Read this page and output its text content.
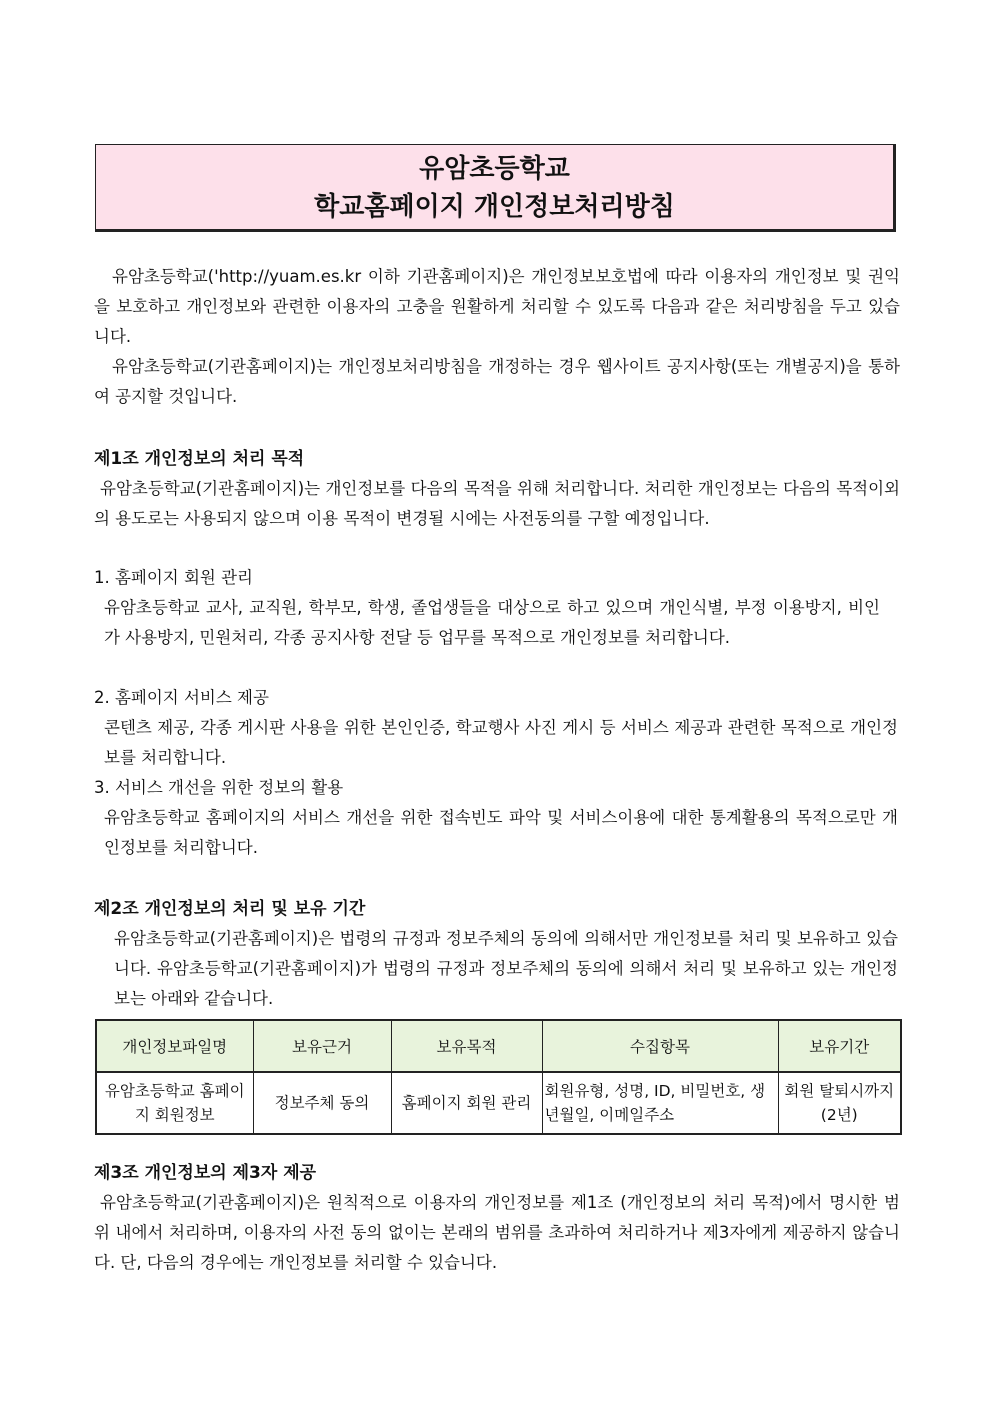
유암초등학교
학교홈페이지 개인정보처리방침

유암초등학교('http://yuam.es.kr 이하 기관홈페이지)은 개인정보보호법에 따라 이용자의 개인정보 및 권익을 보호하고 개인정보와 관련한 이용자의 고충을 원활하게 처리할 수 있도록 다음과 같은 처리방침을 두고 있습니다.

유암초등학교(기관홈페이지)는 개인정보처리방침을 개정하는 경우 웹사이트 공지사항(또는 개별공지)을 통하여 공지할 것입니다.

제1조 개인정보의 처리 목적

유암초등학교(기관홈페이지)는 개인정보를 다음의 목적을 위해 처리합니다. 처리한 개인정보는 다음의 목적이외의 용도로는 사용되지 않으며 이용 목적이 변경될 시에는 사전동의를 구할 예정입니다.

1. 홈페이지 회원 관리

유암초등학교 교사, 교직원, 학부모, 학생, 졸업생들을 대상으로 하고 있으며 개인식별, 부정 이용방지, 비인가 사용방지, 민원처리, 각종 공지사항 전달 등 업무를 목적으로 개인정보를 처리합니다.

2. 홈페이지 서비스 제공

콘텐츠 제공, 각종 게시판 사용을 위한 본인인증, 학교행사 사진 게시 등 서비스 제공과 관련한 목적으로 개인정보를 처리합니다.

3. 서비스 개선을 위한 정보의 활용

유암초등학교 홈페이지의 서비스 개선을 위한 접속빈도 파악 및 서비스이용에 대한 통계활용의 목적으로만 개인정보를 처리합니다.

제2조 개인정보의 처리 및 보유 기간

유암초등학교(기관홈페이지)은 법령의 규정과 정보주체의 동의에 의해서만 개인정보를 처리 및 보유하고 있습니다. 유암초등학교(기관홈페이지)가 법령의 규정과 정보주체의 동의에 의해서 처리 및 보유하고 있는 개인정보는 아래와 같습니다.

개인정보파일명	보유근거	보유목적	수집항목	보유기간
유암초등학교 홈페이지 회원정보	정보주체 동의	홈페이지 회원 관리	회원유형, 성명, ID, 비밀번호, 생년월일, 이메일주소	회원 탈퇴시까지 (2년)

제3조 개인정보의 제3자 제공

유암초등학교(기관홈페이지)은 원칙적으로 이용자의 개인정보를 제1조 (개인정보의 처리 목적)에서 명시한 범위 내에서 처리하며, 이용자의 사전 동의 없이는 본래의 범위를 초과하여 처리하거나 제3자에게 제공하지 않습니다. 단, 다음의 경우에는 개인정보를 처리할 수 있습니다.
